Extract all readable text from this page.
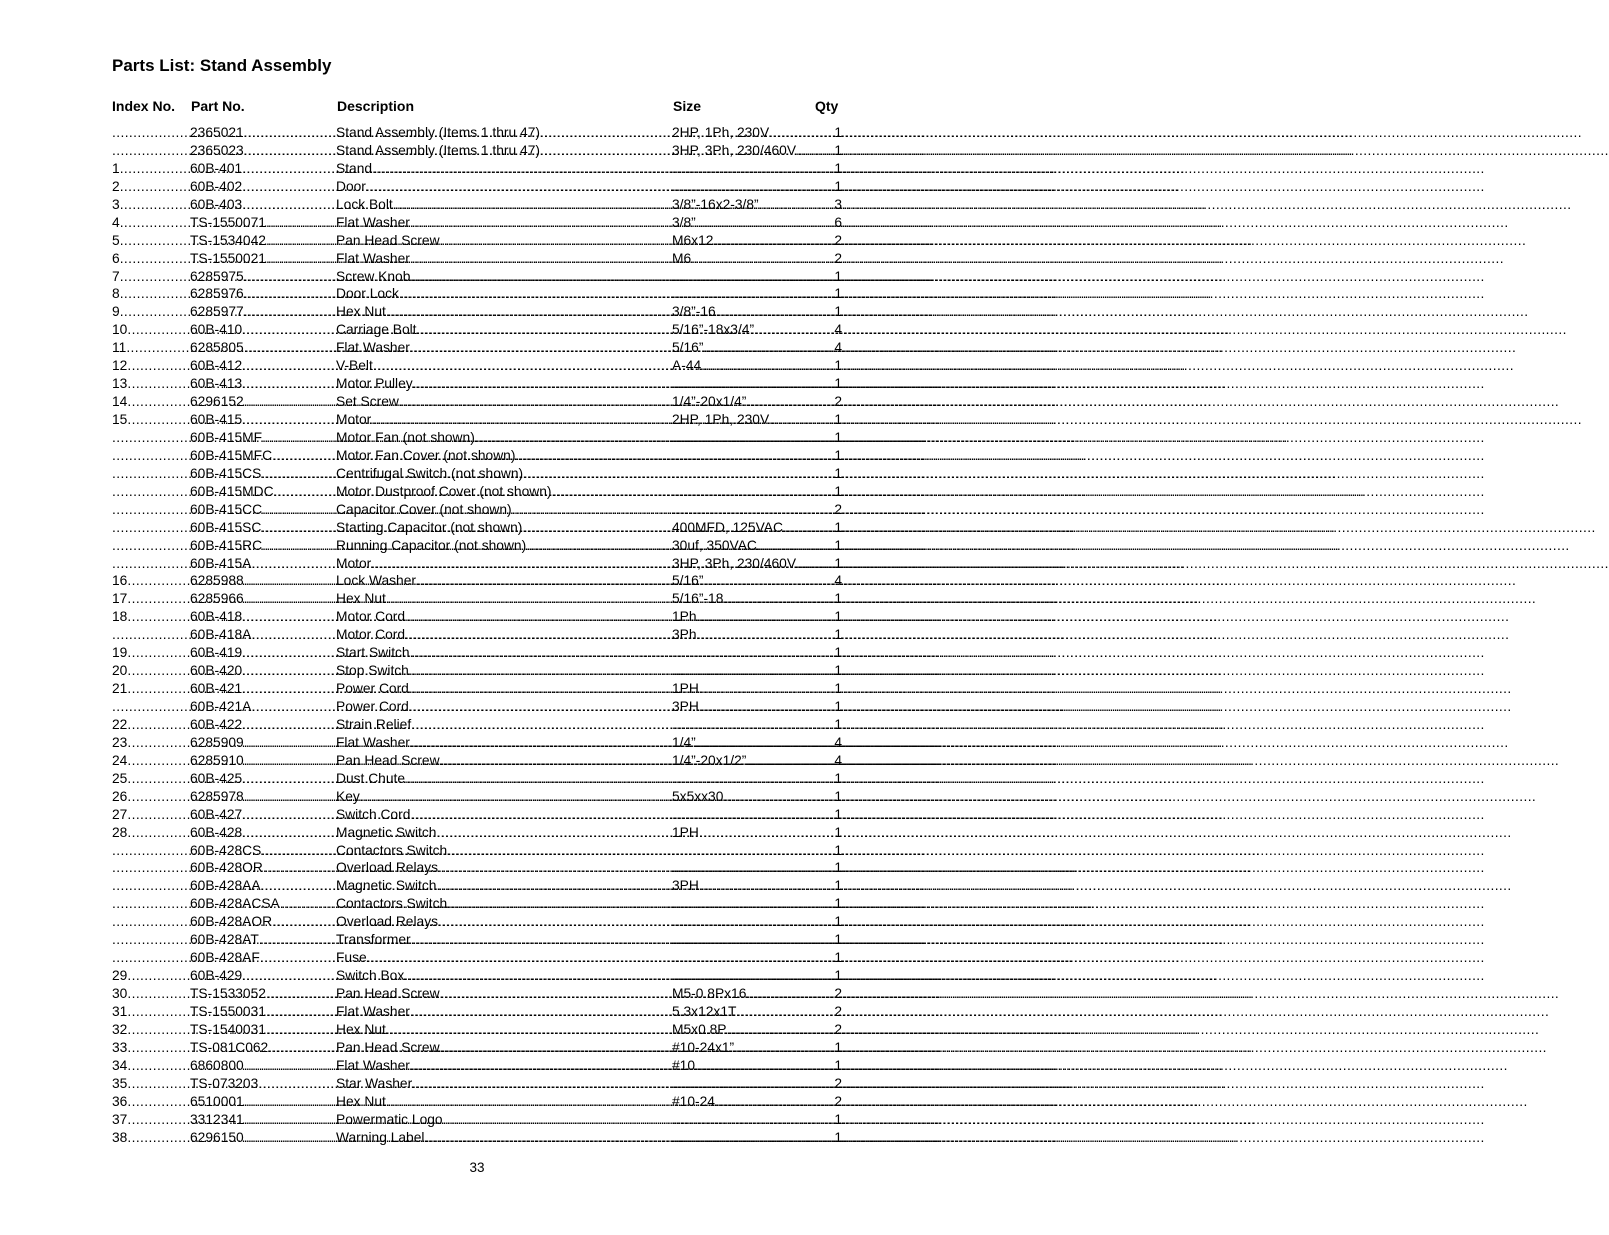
Parts List: Stand Assembly
Index No. Part No.	Description	Size	Qty
.....
2365021 .....	Stand Assembly (Items 1 thru 47) .....	2HP, 1Ph, 230V .....	1
.....
2365023 .....	Stand Assembly (Items 1 thru 47) .....	3HP, 3Ph, 230/460V .....	1
1 .....	60B-401 .....	Stand ..... .....	1
2 .....	60B-402 .....	Door ..... .....	1
3 .....	60B-403 .....	Lock Bolt .....	3/8”-16x2-3/8” .....	3
4 .....	TS-1550071 .....	Flat Washer .....	3/8” .....	6
5 .....	TS-1534042 .....	Pan Head Screw .....	M6x12 .....	2
6 .....	TS-1550021 .....	Flat Washer .....	M6 .....	2
7 .....	6285975 .....	Screw Knob ..... .....	1
8 .....	6285976 .....	Door Lock ..... .....	1
9 .....	6285977 .....	Hex Nut .....	3/8”-16 .....	1
10 .....	60B-410 .....	Carriage Bolt .....	5/16”-18x3/4” .....	4
11 .....	6285805 .....	Flat Washer .....	5/16” .....	4
12 .....	60B-412 .....	V-Belt .....	A-44 .....	1
13 .....	60B-413 .....	Motor Pulley ..... .....	1
14 .....	6296152 .....	Set Screw .....	1/4”-20x1/4” .....	2
15 .....	60B-415 .....	Motor .....	2HP, 1Ph, 230V .....	1
.....
60B-415MF .....	Motor Fan (not shown) ..... .....	1
.....
60B-415MFC .....	Motor Fan Cover (not shown) ..... .....	1
.....
60B-415CS .....	Centrifugal Switch (not shown) ..... .....	1
.....
60B-415MDC .....	Motor Dustproof Cover (not shown) ..... .....	1
.....
60B-415CC .....	Capacitor Cover (not shown) ..... .....	2
.....
60B-415SC .....	Starting Capacitor (not shown) .....	400MFD, 125VAC .....	1
.....
60B-415RC .....	Running Capacitor (not shown) .....	30uf, 350VAC .....	1
.....
60B-415A .....	Motor .....	3HP, 3Ph, 230/460V .....	1
16 .....	6285988 .....	Lock Washer .....	5/16” .....	4
17 .....	6285966 .....	Hex Nut .....	5/16”-18 .....	1
18 .....	60B-418 .....	Motor Cord .....	1Ph .....	1
.....
60B-418A .....	Motor Cord .....	3Ph .....	1
19 .....	60B-419 .....	Start Switch ..... .....	1
20 .....	60B-420 .....	Stop Switch ..... .....	1
21 .....	60B-421 .....	Power Cord .....	1PH .....	1
.....
60B-421A .....	Power Cord .....	3PH .....	1
22 .....	60B-422 .....	Strain Relief ..... .....	1
23 .....	6285909 .....	Flat Washer .....	1/4” .....	4
24 .....	6285910 .....	Pan Head Screw .....	1/4”-20x1/2” .....	4
25 .....	60B-425 .....	Dust Chute ..... .....	1
26 .....	6285978 .....	Key .....	5x5xx30 .....	1
27 .....	60B-427 .....	Switch Cord ..... .....	1
28 .....	60B-428 .....	Magnetic Switch .....	1PH .....	1
.....
60B-428CS .....	Contactors Switch ..... .....	1
.....
60B-428OR .....	Overload Relays ..... .....	1
.....
60B-428AA .....	Magnetic Switch .....	3PH .....	1
.....
60B-428ACSA .....	Contactors Switch ..... .....	1
.....
60B-428AOR .....	Overload Relays ..... .....	1
.....
60B-428AT .....	Transformer ..... .....	1
.....
60B-428AF .....	Fuse ..... .....	1
29 .....	60B-429 .....	Switch Box ..... .....	1
30 .....	TS-1533052 .....	Pan Head Screw .....	M5-0.8Px16 .....	2
31 .....	TS-1550031 .....	Flat Washer .....	5.3x12x1T .....	2
32 .....	TS-1540031 .....	Hex Nut .....	M5x0.8P .....	2
33 .....	TS-081C062 .....	Pan Head Screw .....	#10-24x1” .....	1
34 .....	6860800 .....	Flat Washer .....	#10 .....	1
35 .....	TS-073203 .....	Star Washer ..... .....	2
36 .....	6510001 .....	Hex Nut .....	#10-24 .....	2
37 .....	3312341 .....	Powermatic Logo ..... .....	1
38 .....	6296150 .....	Warning Label ..... .....	1
33
